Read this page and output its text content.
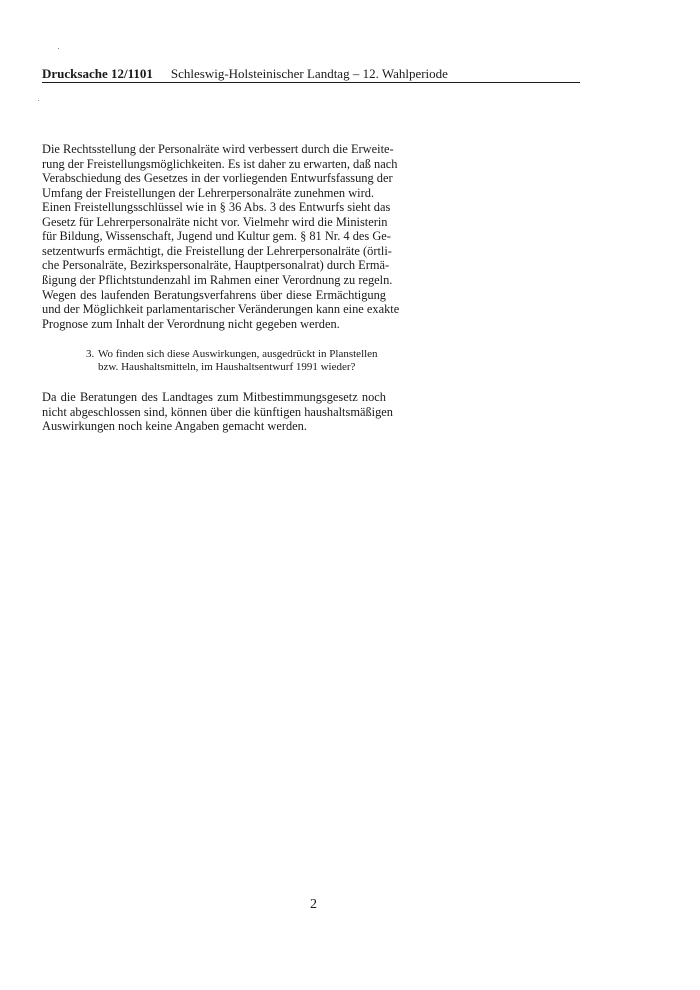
Drucksache 12/1101 Schleswig-Holsteinischer Landtag – 12. Wahlperiode
Die Rechtsstellung der Personalräte wird verbessert durch die Erweite-
rung der Freistellungsmöglichkeiten. Es ist daher zu erwarten, daß nach
Verabschiedung des Gesetzes in der vorliegenden Entwurfsfassung der
Umfang der Freistellungen der Lehrerpersonalräte zunehmen wird.
Einen Freistellungsschlüssel wie in § 36 Abs. 3 des Entwurfs sieht das
Gesetz für Lehrerpersonalräte nicht vor. Vielmehr wird die Ministerin
für Bildung, Wissenschaft, Jugend und Kultur gem. § 81 Nr. 4 des Ge-
setzentwurfs ermächtigt, die Freistellung der Lehrerpersonalräte (örtli-
che Personalräte, Bezirkspersonalräte, Hauptpersonalrat) durch Ermä-
ßigung der Pflichtstundenzahl im Rahmen einer Verordnung zu regeln.
Wegen des laufenden Beratungsverfahrens über diese Ermächtigung
und der Möglichkeit parlamentarischer Veränderungen kann eine exakte
Prognose zum Inhalt der Verordnung nicht gegeben werden.
3. Wo finden sich diese Auswirkungen, ausgedrückt in Planstellen
bzw. Haushaltsmitteln, im Haushaltsentwurf 1991 wieder?
Da die Beratungen des Landtages zum Mitbestimmungsgesetz noch
nicht abgeschlossen sind, können über die künftigen haushaltsmäßigen
Auswirkungen noch keine Angaben gemacht werden.
2
